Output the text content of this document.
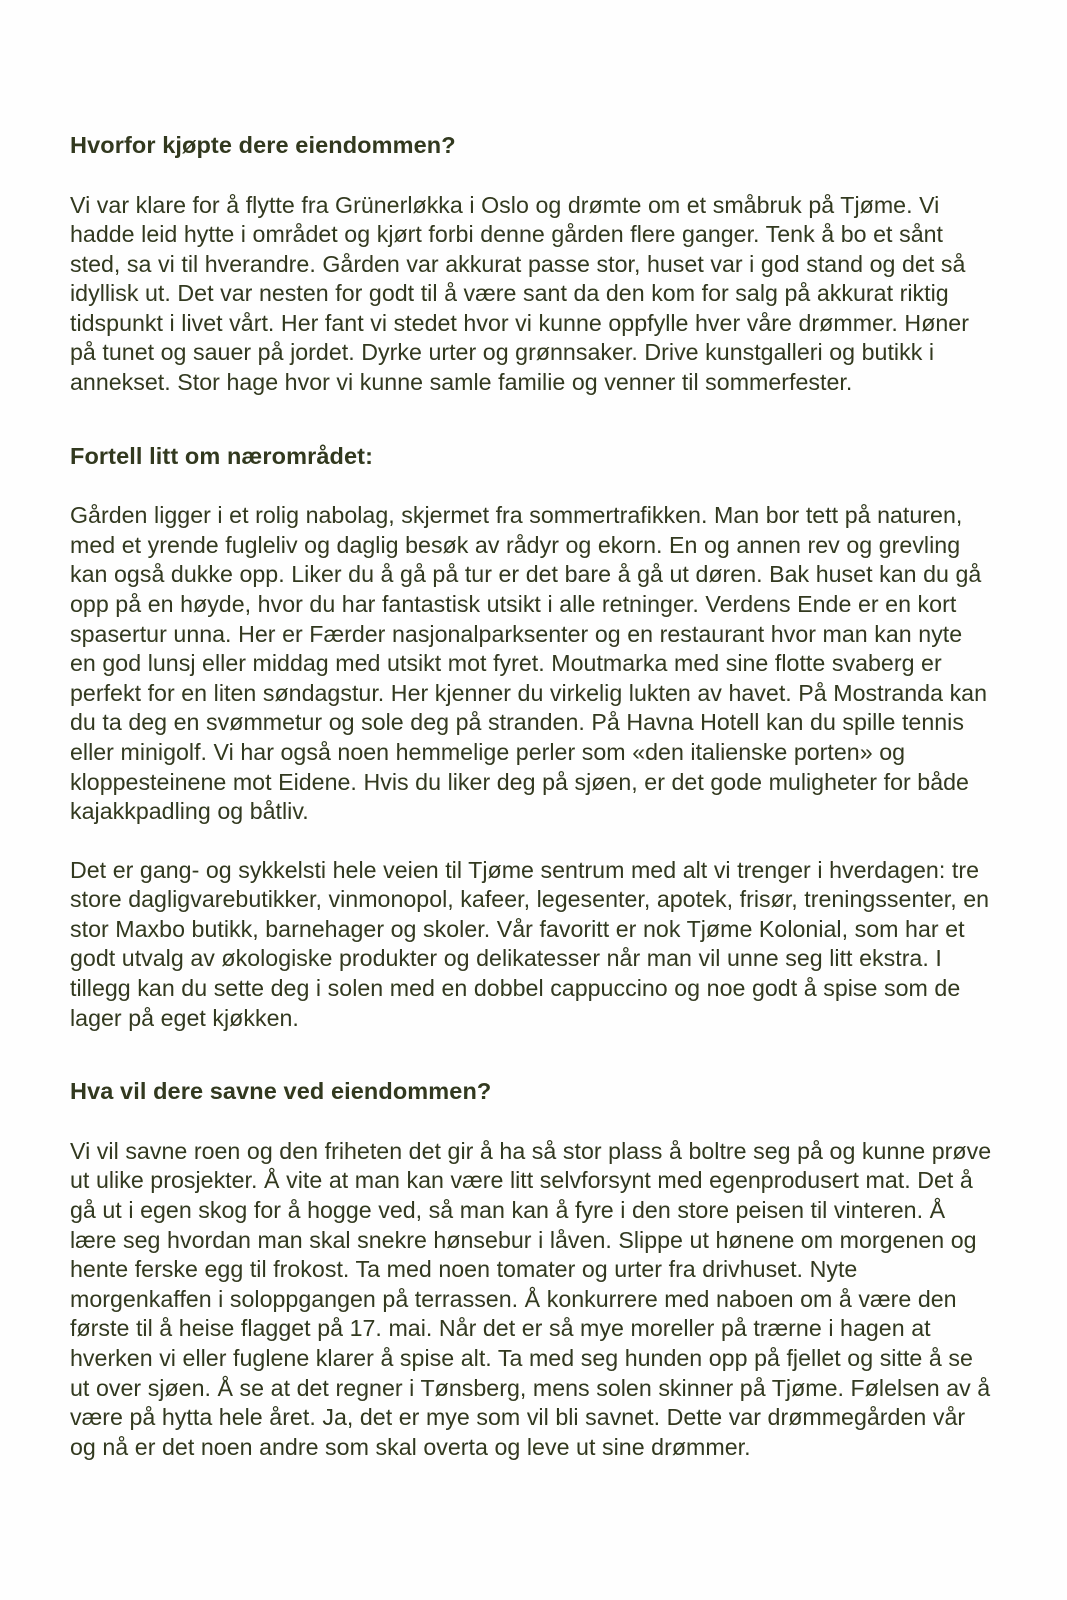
Hvorfor kjøpte dere eiendommen?

Vi var klare for å flytte fra Grünerløkka i Oslo og drømte om et småbruk på Tjøme. Vi hadde leid hytte i området og kjørt forbi denne gården flere ganger. Tenk å bo et sånt sted, sa vi til hverandre. Gården var akkurat passe stor, huset var i god stand og det så idyllisk ut. Det var nesten for godt til å være sant da den kom for salg på akkurat riktig tidspunkt i livet vårt. Her fant vi stedet hvor vi kunne oppfylle hver våre drømmer. Høner på tunet og sauer på jordet. Dyrke urter og grønnsaker. Drive kunstgalleri og butikk i annekset. Stor hage hvor vi kunne samle familie og venner til sommerfester.

Fortell litt om nærområdet:

Gården ligger i et rolig nabolag, skjermet fra sommertrafikken. Man bor tett på naturen, med et yrende fugleliv og daglig besøk av rådyr og ekorn. En og annen rev og grevling kan også dukke opp. Liker du å gå på tur er det bare å gå ut døren. Bak huset kan du gå opp på en høyde, hvor du har fantastisk utsikt i alle retninger. Verdens Ende er en kort spasertur unna. Her er Færder nasjonalparksenter og en restaurant hvor man kan nyte en god lunsj eller middag med utsikt mot fyret. Moutmarka med sine flotte svaberg er perfekt for en liten søndagstur. Her kjenner du virkelig lukten av havet. På Mostranda kan du ta deg en svømmetur og sole deg på stranden. På Havna Hotell kan du spille tennis eller minigolf. Vi har også noen hemmelige perler som «den italienske porten» og kloppesteinene mot Eidene. Hvis du liker deg på sjøen, er det gode muligheter for både kajakkpadling og båtliv.

Det er gang- og sykkelsti hele veien til Tjøme sentrum med alt vi trenger i hverdagen: tre store dagligvarebutikker, vinmonopol, kafeer, legesenter, apotek, frisør, treningssenter, en stor Maxbo butikk, barnehager og skoler. Vår favoritt er nok Tjøme Kolonial, som har et godt utvalg av økologiske produkter og delikatesser når man vil unne seg litt ekstra. I tillegg kan du sette deg i solen med en dobbel cappuccino og noe godt å spise som de lager på eget kjøkken.

Hva vil dere savne ved eiendommen?

Vi vil savne roen og den friheten det gir å ha så stor plass å boltre seg på og kunne prøve ut ulike prosjekter. Å vite at man kan være litt selvforsynt med egenprodusert mat. Det å gå ut i egen skog for å hogge ved, så man kan å fyre i den store peisen til vinteren. Å lære seg hvordan man skal snekre hønsebur i låven. Slippe ut hønene om morgenen og hente ferske egg til frokost. Ta med noen tomater og urter fra drivhuset. Nyte morgenkaffen i soloppgangen på terrassen. Å konkurrere med naboen om å være den første til å heise flagget på 17. mai. Når det er så mye moreller på trærne i hagen at hverken vi eller fuglene klarer å spise alt. Ta med seg hunden opp på fjellet og sitte å se ut over sjøen. Å se at det regner i Tønsberg, mens solen skinner på Tjøme. Følelsen av å være på hytta hele året. Ja, det er mye som vil bli savnet. Dette var drømmegården vår og nå er det noen andre som skal overta og leve ut sine drømmer.
